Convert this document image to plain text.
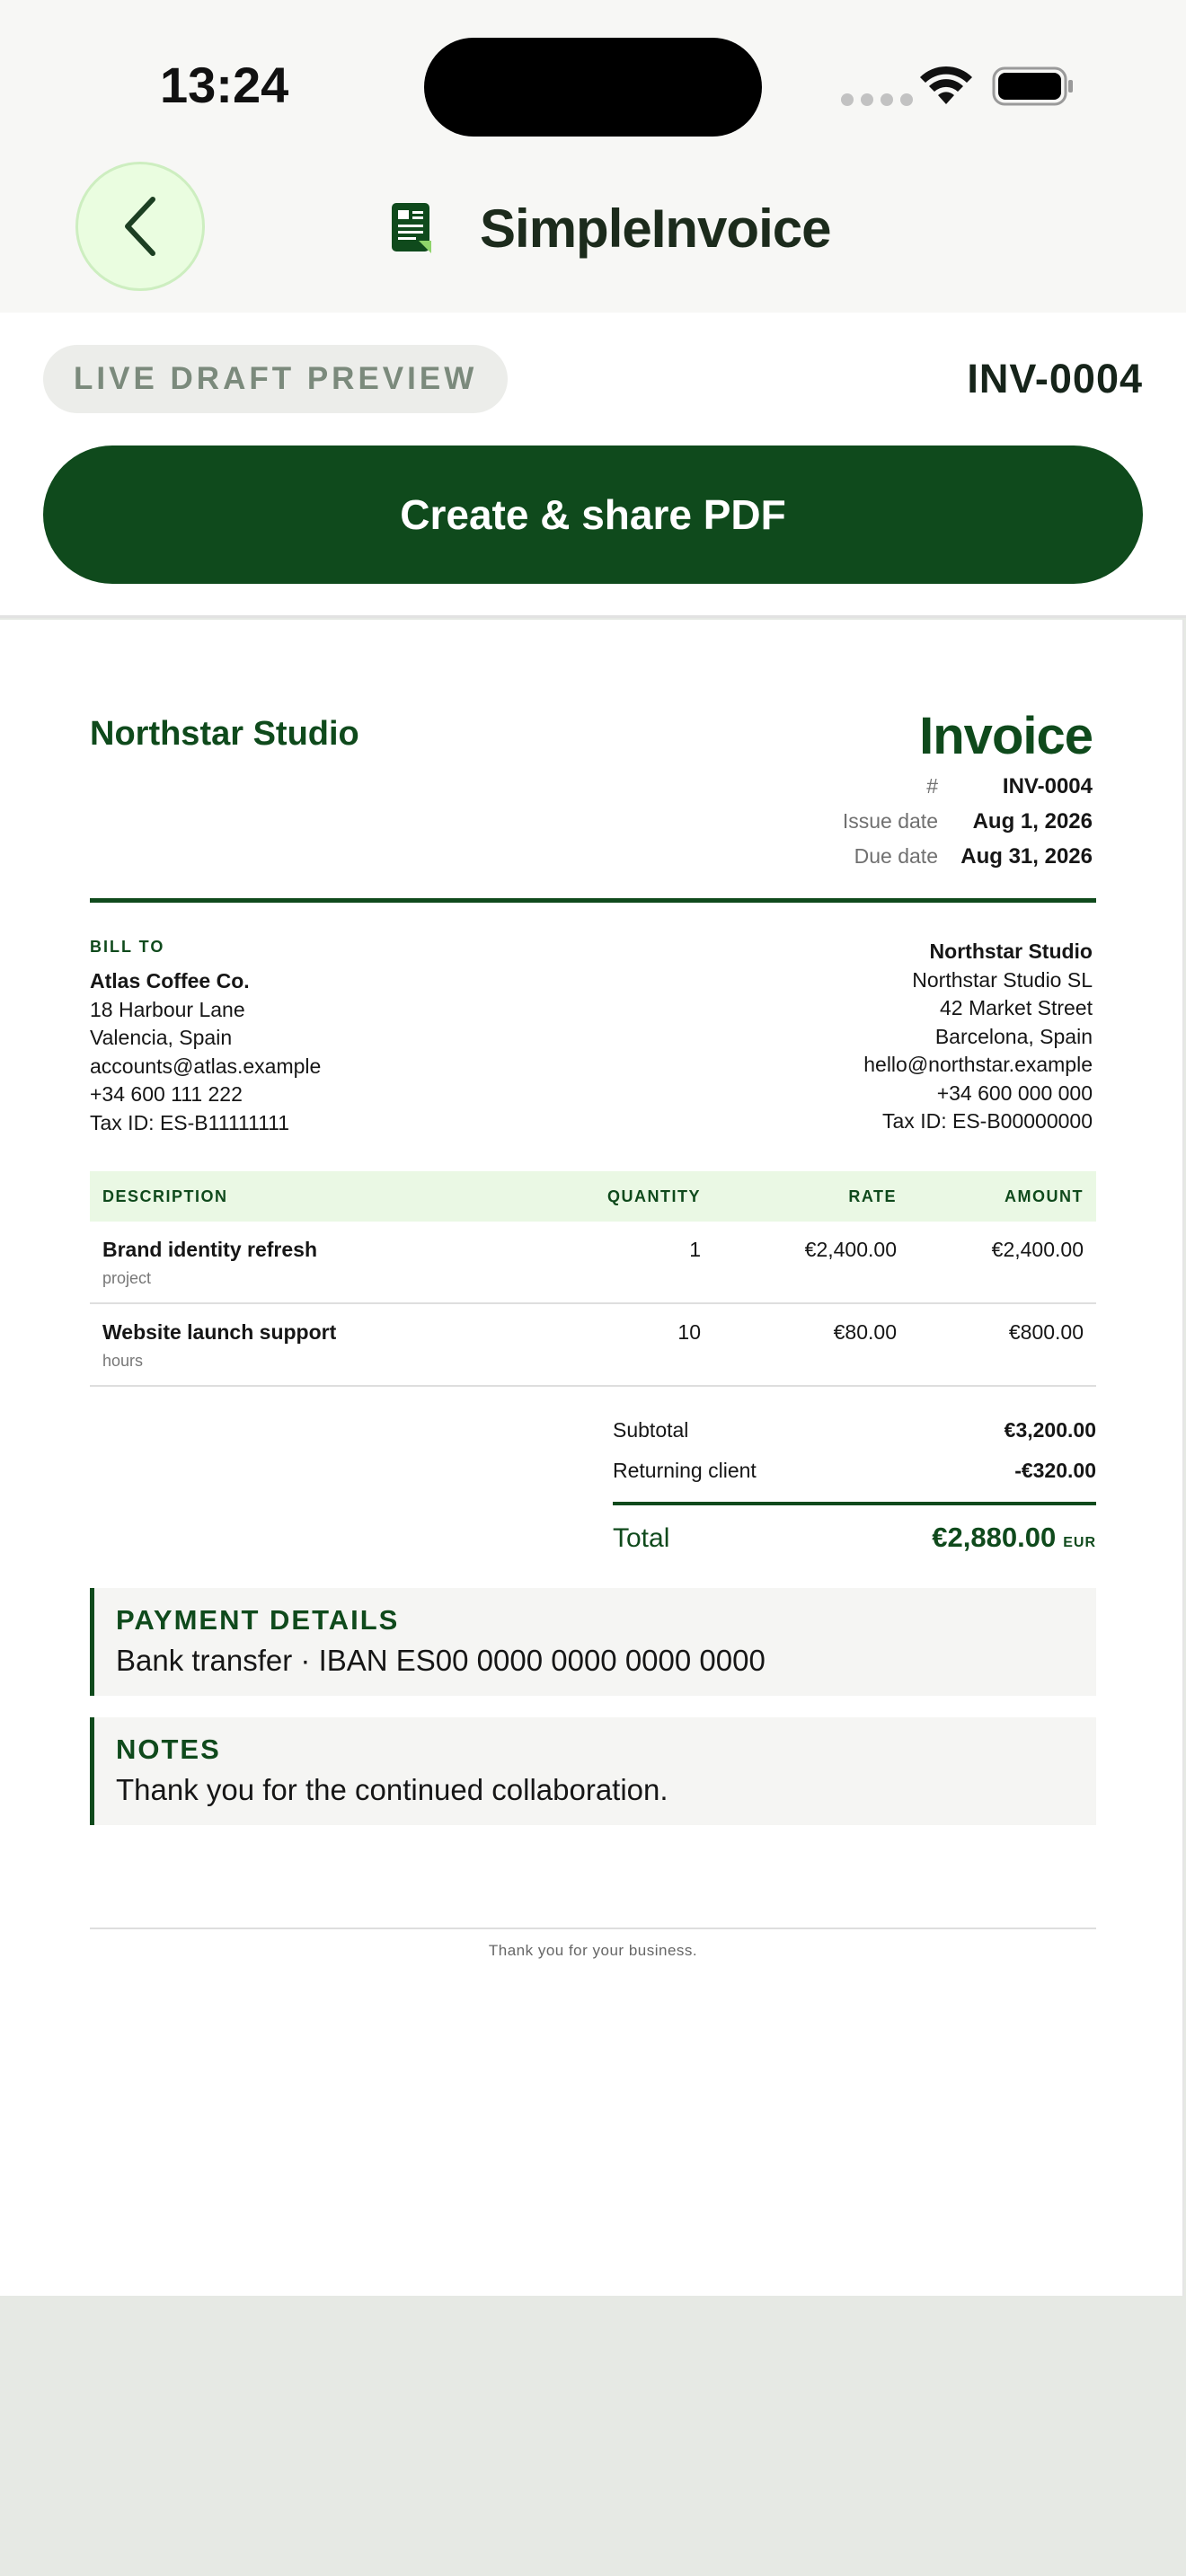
13:24
SimpleInvoice
LIVE DRAFT PREVIEW	INV-0004
Create & share PDF
Northstar Studio	Invoice
#	INV-0004
Issue date	Aug 1, 2026
Due date Aug 31, 2026
BILL TO
Atlas Coffee Co.
18 Harbour Lane
Valencia, Spain
accounts@atlas.example
+34 600 111 222
Tax ID: ES-B11111111
Northstar Studio
Northstar Studio SL
42 Market Street
Barcelona, Spain
hello@northstar.example
+34 600 000 000
Tax ID: ES-B00000000
DESCRIPTION	QUANTITY	RATE	AMOUNT
Brand identity refresh
project
1	€2,400.00	€2,400.00
Website launch support
hours
10	€80.00	€800.00
Subtotal	€3,200.00
Returning client	-€320.00
Total	€2,880.00 EUR
PAYMENT DETAILS
Bank transfer · IBAN ES00 0000 0000 0000 0000
NOTES
Thank you for the continued collaboration.
Thank you for your business.
